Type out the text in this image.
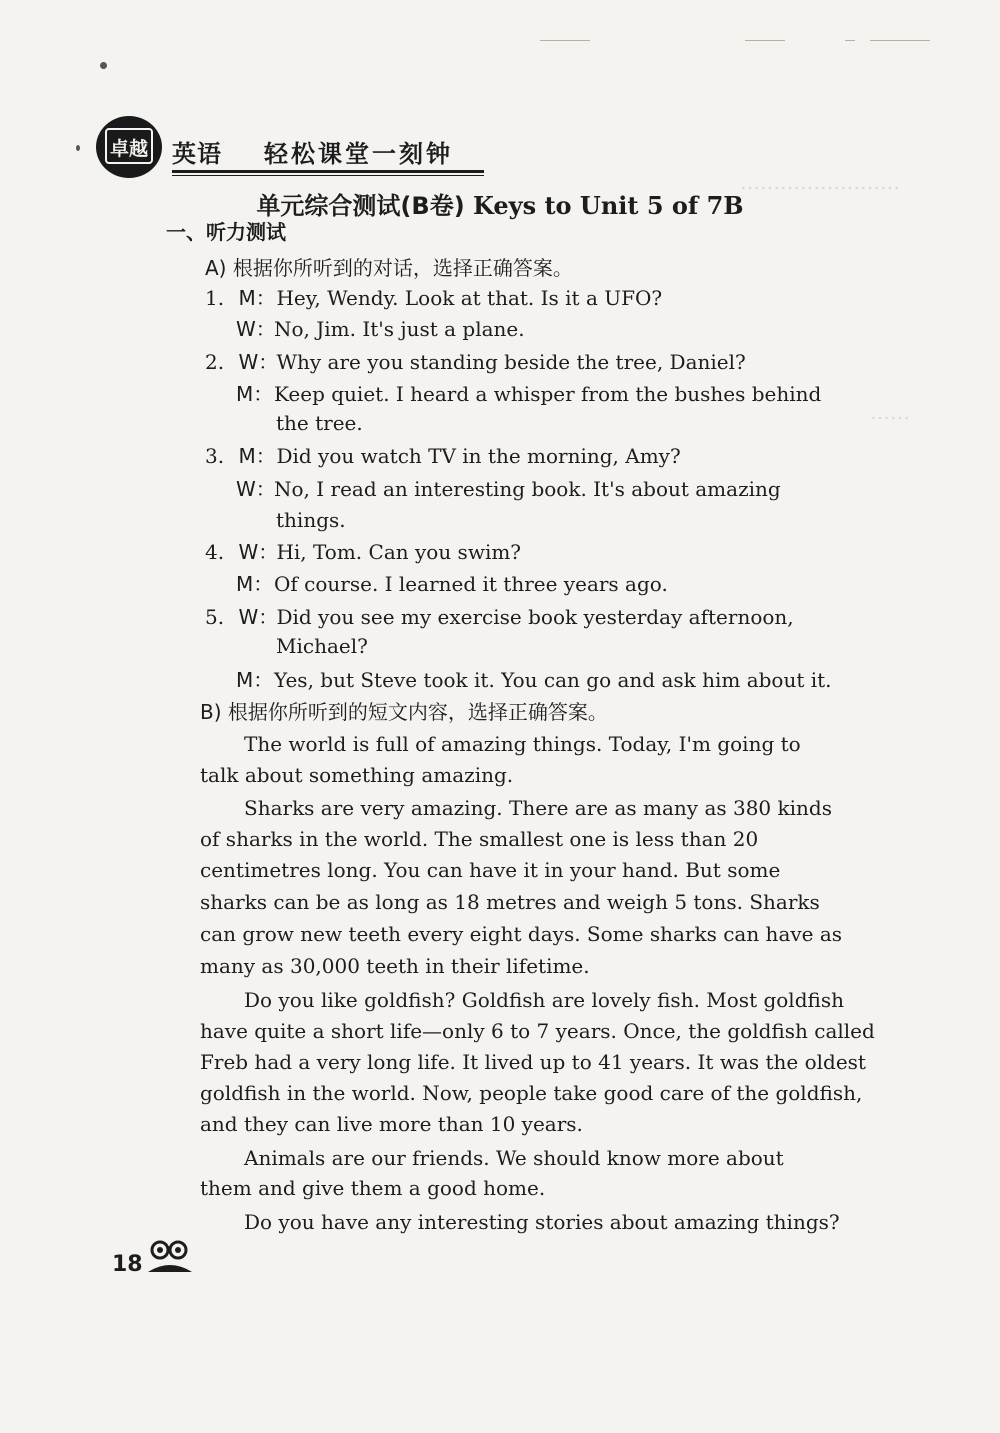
……………………
……
卓越 英语 轻松课堂一刻钟
单元综合测试(B卷) Keys to Unit 5 of 7B
一、听力测试
A) 根据你所听到的对话，选择正确答案。
1. M：Hey, Wendy. Look at that. Is it a UFO?
W：No, Jim. It's just a plane.
2. W：Why are you standing beside the tree, Daniel?
M：Keep quiet. I heard a whisper from the bushes behind
the tree.
3. M：Did you watch TV in the morning, Amy?
W：No, I read an interesting book. It's about amazing
things.
4. W：Hi, Tom. Can you swim?
M：Of course. I learned it three years ago.
5. W：Did you see my exercise book yesterday afternoon,
Michael?
M：Yes, but Steve took it. You can go and ask him about it.
B) 根据你所听到的短文内容，选择正确答案。
The world is full of amazing things. Today, I'm going to
talk about something amazing.
Sharks are very amazing. There are as many as 380 kinds
of sharks in the world. The smallest one is less than 20
centimetres long. You can have it in your hand. But some
sharks can be as long as 18 metres and weigh 5 tons. Sharks
can grow new teeth every eight days. Some sharks can have as
many as 30,000 teeth in their lifetime.
Do you like goldfish? Goldfish are lovely fish. Most goldfish
have quite a short life—only 6 to 7 years. Once, the goldfish called
Freb had a very long life. It lived up to 41 years. It was the oldest
goldfish in the world. Now, people take good care of the goldfish,
and they can live more than 10 years.
Animals are our friends. We should know more about
them and give them a good home.
Do you have any interesting stories about amazing things?
18
